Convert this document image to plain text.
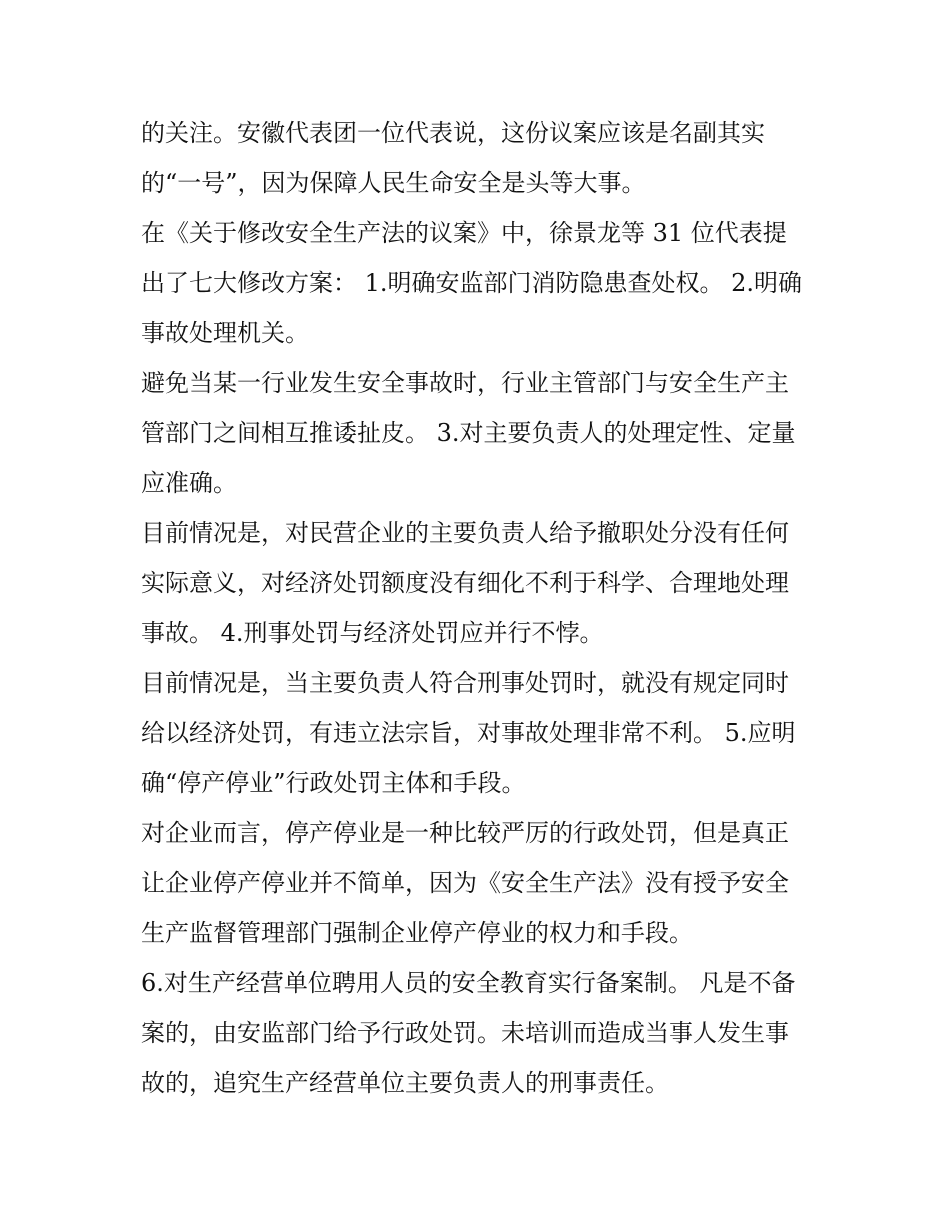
的关注。安徽代表团一位代表说，这份议案应该是名副其实
的“一号”，因为保障人民生命安全是头等大事。

在《关于修改安全生产法的议案》中，徐景龙等 31 位代表提
出了七大修改方案： 1.明确安监部门消防隐患查处权。 2.明确
事故处理机关。

避免当某一行业发生安全事故时，行业主管部门与安全生产主
管部门之间相互推诿扯皮。 3.对主要负责人的处理定性、定量
应准确。

目前情况是，对民营企业的主要负责人给予撤职处分没有任何
实际意义，对经济处罚额度没有细化不利于科学、合理地处理
事故。 4.刑事处罚与经济处罚应并行不悖。

目前情况是，当主要负责人符合刑事处罚时，就没有规定同时
给以经济处罚，有违立法宗旨，对事故处理非常不利。 5.应明
确“停产停业”行政处罚主体和手段。

对企业而言，停产停业是一种比较严厉的行政处罚，但是真正
让企业停产停业并不简单，因为《安全生产法》没有授予安全
生产监督管理部门强制企业停产停业的权力和手段。

6.对生产经营单位聘用人员的安全教育实行备案制。 凡是不备
案的，由安监部门给予行政处罚。未培训而造成当事人发生事
故的，追究生产经营单位主要负责人的刑事责任。
